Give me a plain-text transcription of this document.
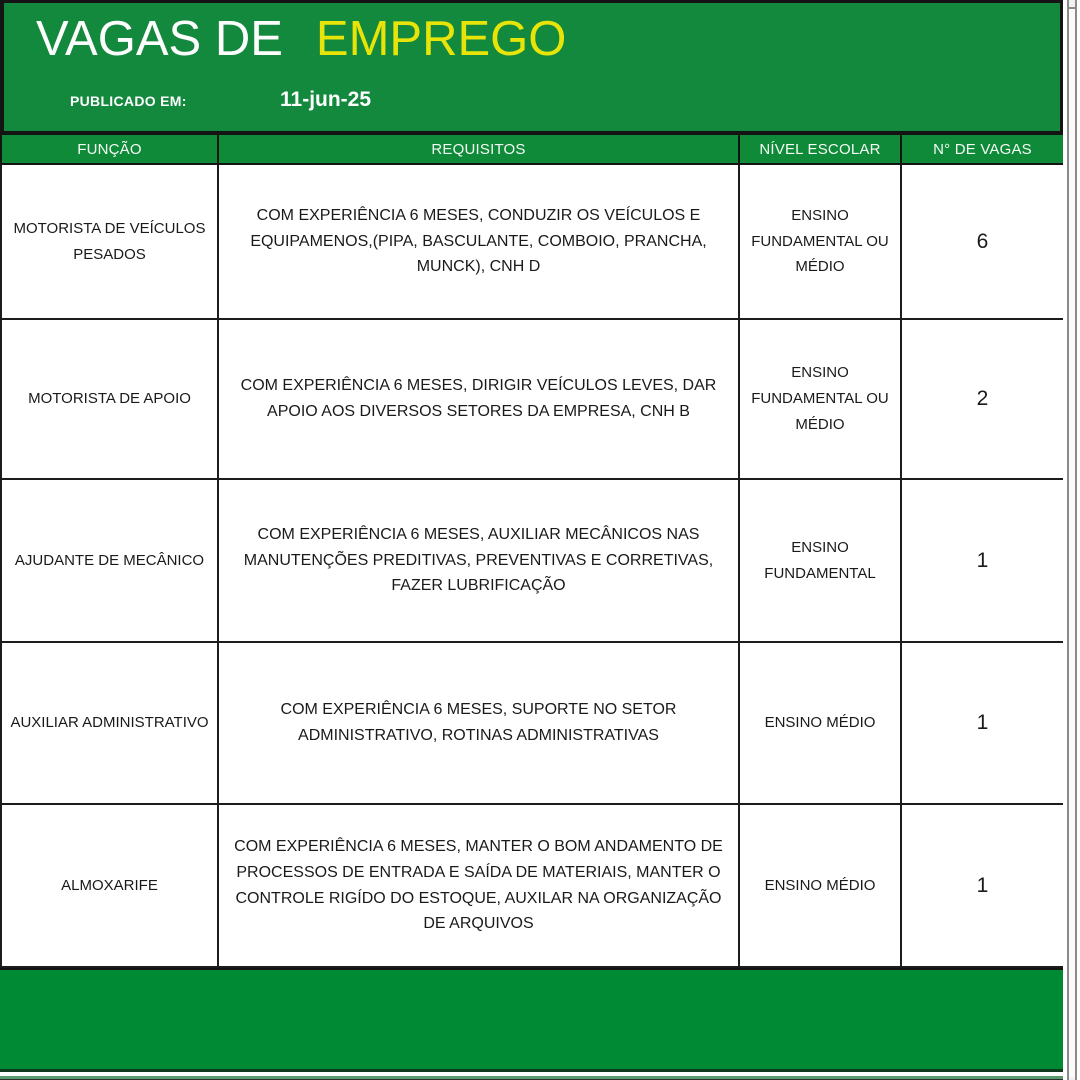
VAGAS DE EMPREGO
PUBLICADO EM:	11-jun-25
FUNÇÃO	REQUISITOS	NÍVEL ESCOLAR	N° DE VAGAS
MOTORISTA DE VEÍCULOS PESADOS	COM EXPERIÊNCIA 6 MESES, CONDUZIR OS VEÍCULOS E EQUIPAMENOS,(PIPA, BASCULANTE, COMBOIO, PRANCHA, MUNCK), CNH D	ENSINO FUNDAMENTAL OU MÉDIO	6
MOTORISTA DE APOIO	COM EXPERIÊNCIA 6 MESES, DIRIGIR VEÍCULOS LEVES, DAR APOIO AOS DIVERSOS SETORES DA EMPRESA, CNH B	ENSINO FUNDAMENTAL OU MÉDIO	2
AJUDANTE DE MECÂNICO	COM EXPERIÊNCIA 6 MESES, AUXILIAR MECÂNICOS NAS MANUTENÇÕES PREDITIVAS, PREVENTIVAS E CORRETIVAS, FAZER LUBRIFICAÇÃO	ENSINO FUNDAMENTAL	1
AUXILIAR ADMINISTRATIVO	COM EXPERIÊNCIA 6 MESES, SUPORTE NO SETOR ADMINISTRATIVO, ROTINAS ADMINISTRATIVAS	ENSINO MÉDIO	1
ALMOXARIFE	COM EXPERIÊNCIA 6 MESES, MANTER O BOM ANDAMENTO DE PROCESSOS DE ENTRADA E SAÍDA DE MATERIAIS, MANTER O CONTROLE RIGÍDO DO ESTOQUE, AUXILAR NA ORGANIZAÇÃO DE ARQUIVOS	ENSINO MÉDIO	1
